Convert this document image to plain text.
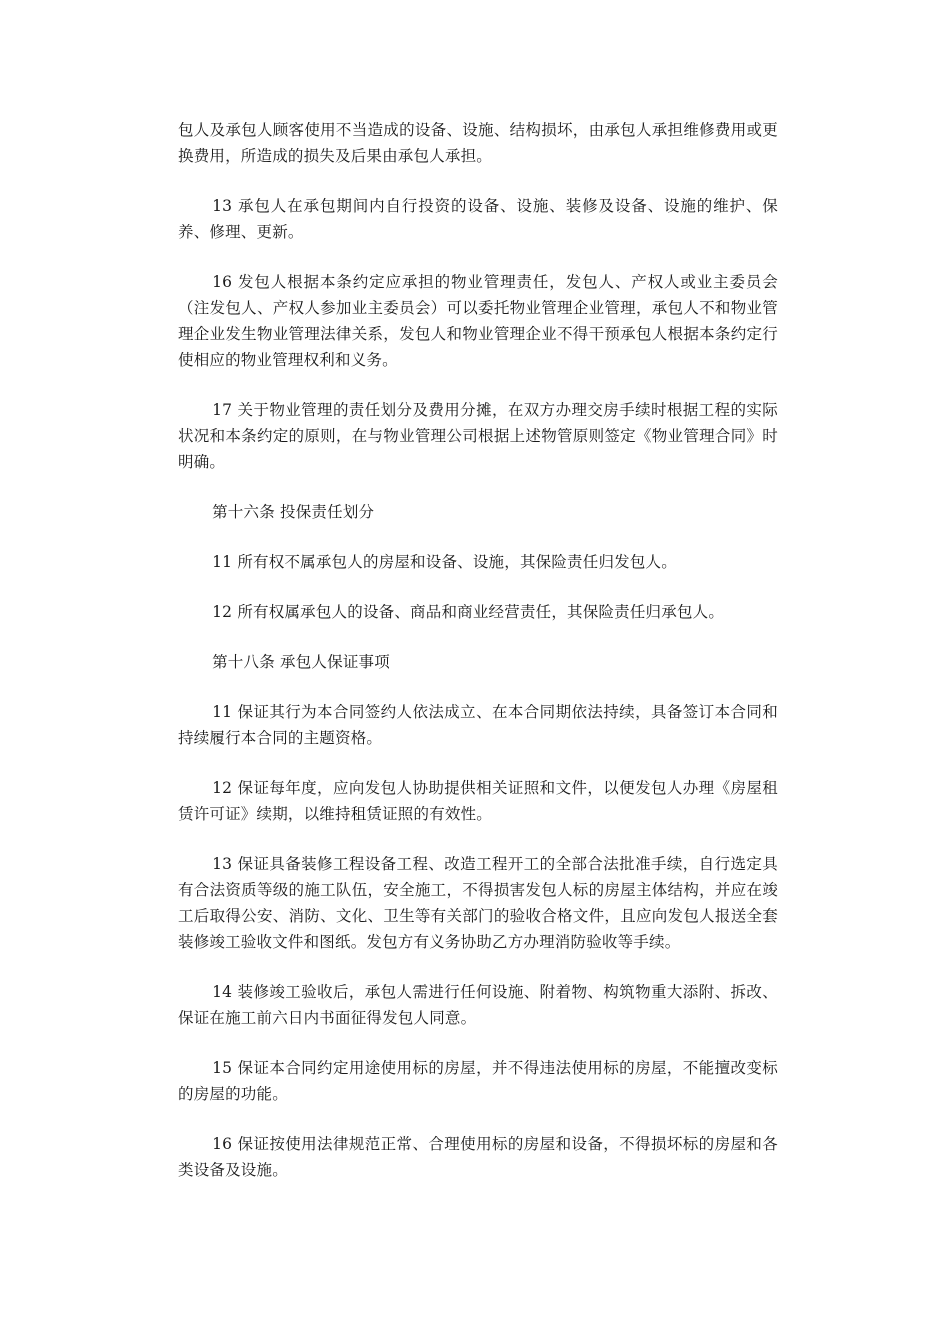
包人及承包人顾客使用不当造成的设备、设施、结构损坏，由承包人承担维修费用或更换费用，所造成的损失及后果由承包人承担。

13 承包人在承包期间内自行投资的设备、设施、装修及设备、设施的维护、保养、修理、更新。

16 发包人根据本条约定应承担的物业管理责任，发包人、产权人或业主委员会（注发包人、产权人参加业主委员会）可以委托物业管理企业管理，承包人不和物业管理企业发生物业管理法律关系，发包人和物业管理企业不得干预承包人根据本条约定行使相应的物业管理权利和义务。

17 关于物业管理的责任划分及费用分摊，在双方办理交房手续时根据工程的实际状况和本条约定的原则，在与物业管理公司根据上述物管原则签定《物业管理合同》时明确。

第十六条 投保责任划分

11 所有权不属承包人的房屋和设备、设施，其保险责任归发包人。

12 所有权属承包人的设备、商品和商业经营责任，其保险责任归承包人。

第十八条 承包人保证事项

11 保证其行为本合同签约人依法成立、在本合同期依法持续，具备签订本合同和持续履行本合同的主题资格。

12 保证每年度，应向发包人协助提供相关证照和文件，以便发包人办理《房屋租赁许可证》续期，以维持租赁证照的有效性。

13 保证具备装修工程设备工程、改造工程开工的全部合法批准手续，自行选定具有合法资质等级的施工队伍，安全施工，不得损害发包人标的房屋主体结构，并应在竣工后取得公安、消防、文化、卫生等有关部门的验收合格文件，且应向发包人报送全套装修竣工验收文件和图纸。发包方有义务协助乙方办理消防验收等手续。

14 装修竣工验收后，承包人需进行任何设施、附着物、构筑物重大添附、拆改、保证在施工前六日内书面征得发包人同意。

15 保证本合同约定用途使用标的房屋，并不得违法使用标的房屋，不能擅改变标的房屋的功能。

16 保证按使用法律规范正常、合理使用标的房屋和设备，不得损坏标的房屋和各类设备及设施。
